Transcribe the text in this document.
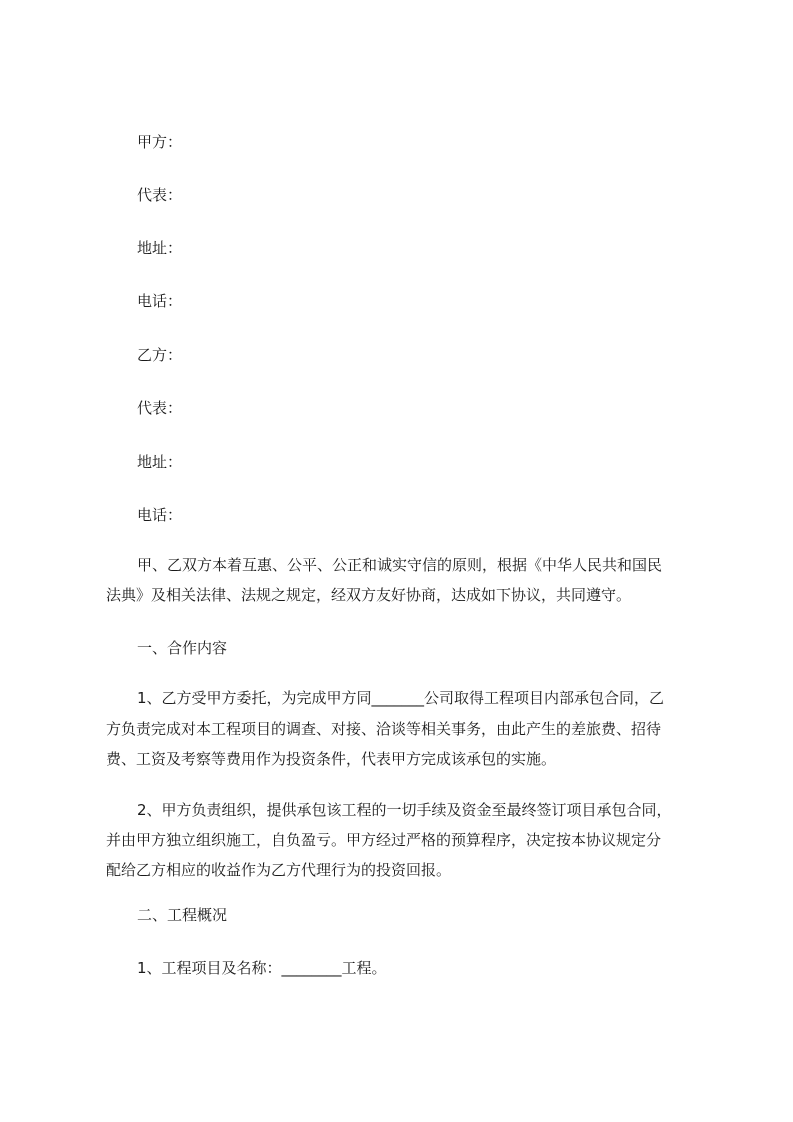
甲方：
代表：
地址：
电话：
乙方：
代表：
地址：
电话：
甲、乙双方本着互惠、公平、公正和诚实守信的原则，根据《中华人民共和国民
法典》及相关法律、法规之规定，经双方友好协商，达成如下协议，共同遵守。
一、合作内容
1、乙方受甲方委托，为完成甲方同_______公司取得工程项目内部承包合同，乙
方负责完成对本工程项目的调查、对接、洽谈等相关事务，由此产生的差旅费、招待
费、工资及考察等费用作为投资条件，代表甲方完成该承包的实施。
2、甲方负责组织，提供承包该工程的一切手续及资金至最终签订项目承包合同，
并由甲方独立组织施工，自负盈亏。甲方经过严格的预算程序，决定按本协议规定分
配给乙方相应的收益作为乙方代理行为的投资回报。
二、工程概况
1、工程项目及名称：________工程。
